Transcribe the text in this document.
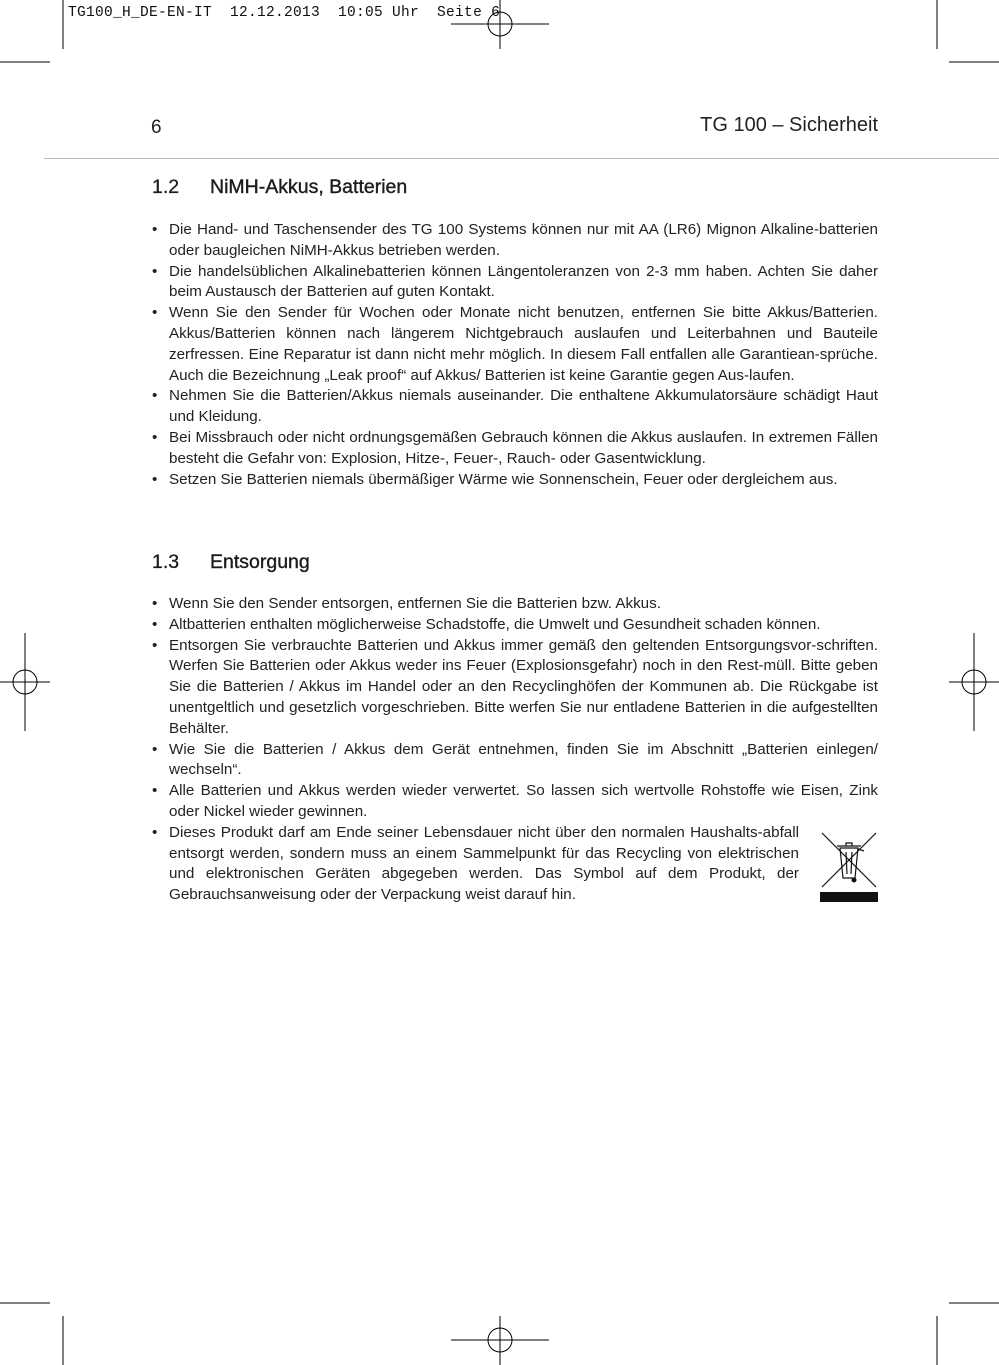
TG100_H_DE-EN-IT  12.12.2013  10:05 Uhr  Seite 6
6	TG 100 – Sicherheit
1.2	NiMH-Akkus, Batterien
• Die Hand- und Taschensender des TG 100 Systems können nur mit AA (LR6) Mignon Alkaline-batterien oder baugleichen NiMH-Akkus betrieben werden.
• Die handelsüblichen Alkalinebatterien können Längentoleranzen von 2-3 mm haben. Achten Sie daher beim Austausch der Batterien auf guten Kontakt.
• Wenn Sie den Sender für Wochen oder Monate nicht benutzen, entfernen Sie bitte Akkus/Batterien. Akkus/Batterien können nach längerem Nichtgebrauch auslaufen und Leiterbahnen und Bauteile zerfressen. Eine Reparatur ist dann nicht mehr möglich. In diesem Fall entfallen alle Garantiean-sprüche. Auch die Bezeichnung „Leak proof“ auf Akkus/ Batterien ist keine Garantie gegen Aus-laufen.
• Nehmen Sie die Batterien/Akkus niemals auseinander. Die enthaltene Akkumulatorsäure schädigt Haut und Kleidung.
• Bei Missbrauch oder nicht ordnungsgemäßen Gebrauch können die Akkus auslaufen. In extremen Fällen besteht die Gefahr von: Explosion, Hitze-, Feuer-, Rauch- oder Gasentwicklung.
• Setzen Sie Batterien niemals übermäßiger Wärme wie Sonnenschein, Feuer oder dergleichem aus.
1.3	Entsorgung
• Wenn Sie den Sender entsorgen, entfernen Sie die Batterien bzw. Akkus.
• Altbatterien enthalten möglicherweise Schadstoffe, die Umwelt und Gesundheit schaden können.
• Entsorgen Sie verbrauchte Batterien und Akkus immer gemäß den geltenden Entsorgungsvor-schriften. Werfen Sie Batterien oder Akkus weder ins Feuer (Explosionsgefahr) noch in den Rest-müll. Bitte geben Sie die Batterien / Akkus im Handel oder an den Recyclinghöfen der Kommunen ab. Die Rückgabe ist unentgeltlich und gesetzlich vorgeschrieben. Bitte werfen Sie nur entladene Batterien in die aufgestellten Behälter.
• Wie Sie die Batterien / Akkus dem Gerät entnehmen, finden Sie im Abschnitt „Batterien einlegen/ wechseln“.
• Alle Batterien und Akkus werden wieder verwertet. So lassen sich wertvolle Rohstoffe wie Eisen, Zink oder Nickel wieder gewinnen.
• Dieses Produkt darf am Ende seiner Lebensdauer nicht über den normalen Haushalts-abfall entsorgt werden, sondern muss an einem Sammelpunkt für das Recycling von elektrischen und elektronischen Geräten abgegeben werden. Das Symbol auf dem Produkt, der Gebrauchsanweisung oder der Verpackung weist darauf hin.
